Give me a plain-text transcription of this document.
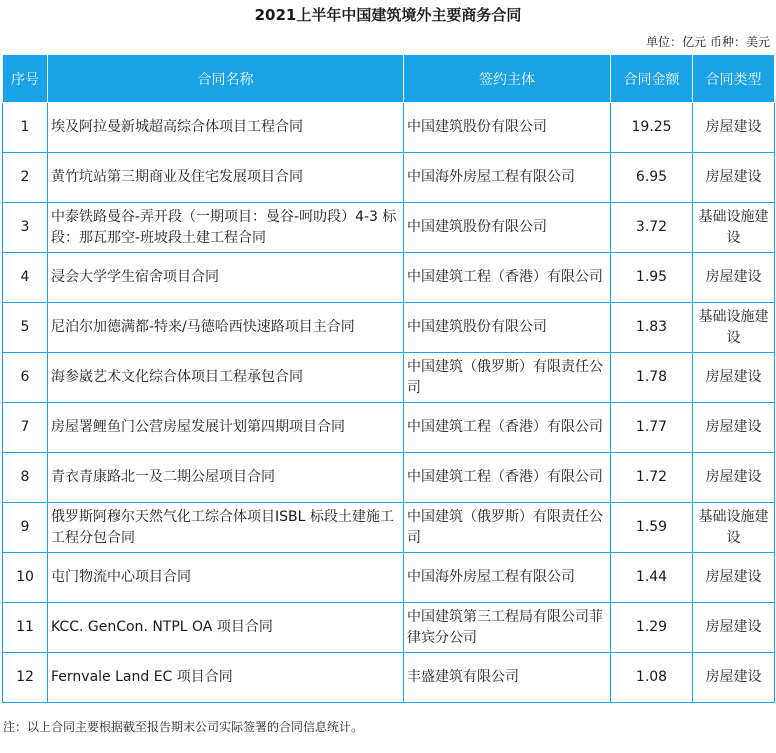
2021上半年中国建筑境外主要商务合同
单位：亿元 币种：美元
序号	合同名称	签约主体	合同金额	合同类型
1	埃及阿拉曼新城超高综合体项目工程合同	中国建筑股份有限公司	19.25	房屋建设
2	黄竹坑站第三期商业及住宅发展项目合同	中国海外房屋工程有限公司	6.95	房屋建设
3	中泰铁路曼谷-弄开段（一期项目：曼谷-呵叻段）4-3 标段：那瓦那空-班坡段土建工程合同	中国建筑股份有限公司	3.72	基础设施建设
4	浸会大学学生宿舍项目合同	中国建筑工程（香港）有限公司	1.95	房屋建设
5	尼泊尔加德满都-特来/马德哈西快速路项目主合同	中国建筑股份有限公司	1.83	基础设施建设
6	海参崴艺术文化综合体项目工程承包合同	中国建筑（俄罗斯）有限责任公司	1.78	房屋建设
7	房屋署鲤鱼门公营房屋发展计划第四期项目合同	中国建筑工程（香港）有限公司	1.77	房屋建设
8	青衣青康路北一及二期公屋项目合同	中国建筑工程（香港）有限公司	1.72	房屋建设
9	俄罗斯阿穆尔天然气化工综合体项目ISBL 标段土建施工工程分包合同	中国建筑（俄罗斯）有限责任公司	1.59	基础设施建设
10	屯门物流中心项目合同	中国海外房屋工程有限公司	1.44	房屋建设
11	KCC. GenCon. NTPL OA 项目合同	中国建筑第三工程局有限公司菲律宾分公司	1.29	房屋建设
12	Fernvale Land EC 项目合同	丰盛建筑有限公司	1.08	房屋建设
注：以上合同主要根据截至报告期末公司实际签署的合同信息统计。
